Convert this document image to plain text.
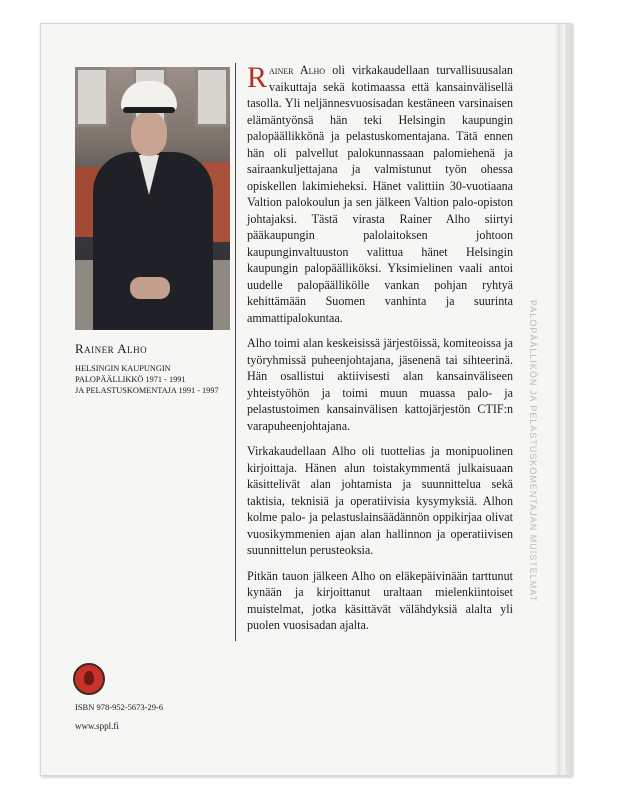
PALOPÄÄLLIKÖN JA PELASTUSKOMENTAJAN MUISTELMAT

Rainer Alho

HELSINGIN KAUPUNGIN

PALOPÄÄLLIKKÖ 1971 - 1991

JA PELASTUSKOMENTAJA 1991 - 1997

Rainer Alho oli virkakaudellaan turvallisuusalan vaikuttaja sekä kotimaassa että kansainvälisellä tasolla. Yli neljännesvuosisadan kestäneen varsinaisen elämäntyönsä hän teki Helsingin kaupungin palopäällikkönä ja pelastuskomentajana. Tätä ennen hän oli palvellut palokunnassaan palomiehenä ja sairaankuljettajana ja valmistunut työn ohessa opiskellen lakimieheksi. Hänet valittiin 30-vuotiaana Valtion palokoulun ja sen jälkeen Valtion palo-opiston johtajaksi. Tästä virasta Rainer Alho siirtyi pääkaupungin palolaitoksen johtoon kaupunginvaltuuston valittua hänet Helsingin kaupungin palopäälliköksi. Yksimielinen vaali antoi uudelle palopäällikölle vankan pohjan ryhtyä kehittämään Suomen vanhinta ja suurinta ammattipalokuntaa.

Alho toimi alan keskeisissä järjestöissä, komiteoissa ja työryhmissä puheenjohtajana, jäsenenä tai sihteerinä. Hän osallistui aktiivisesti alan kansainväliseen yhteistyöhön ja toimi muun muassa palo- ja pelastustoimen kansainvälisen kattojärjestön CTIF:n varapuheenjohtajana.

Virkakaudellaan Alho oli tuottelias ja monipuolinen kirjoittaja. Hänen alun toistakymmentä julkaisuaan käsittelivät alan johtamista ja suunnittelua sekä taktisia, teknisiä ja operatiivisia kysymyksiä. Alhon kolme palo- ja pelastuslainsäädännön oppikirjaa olivat vuosikymmenien ajan alan hallinnon ja operatiivisen suunnittelun perusteoksia.

Pitkän tauon jälkeen Alho on eläkepäivinään tarttunut kynään ja kirjoittanut uraltaan mielenkiintoiset muistelmat, jotka käsittävät välähdyksiä alalta yli puolen vuosisadan ajalta.

ISBN 978-952-5673-29-6
www.sppl.fi
